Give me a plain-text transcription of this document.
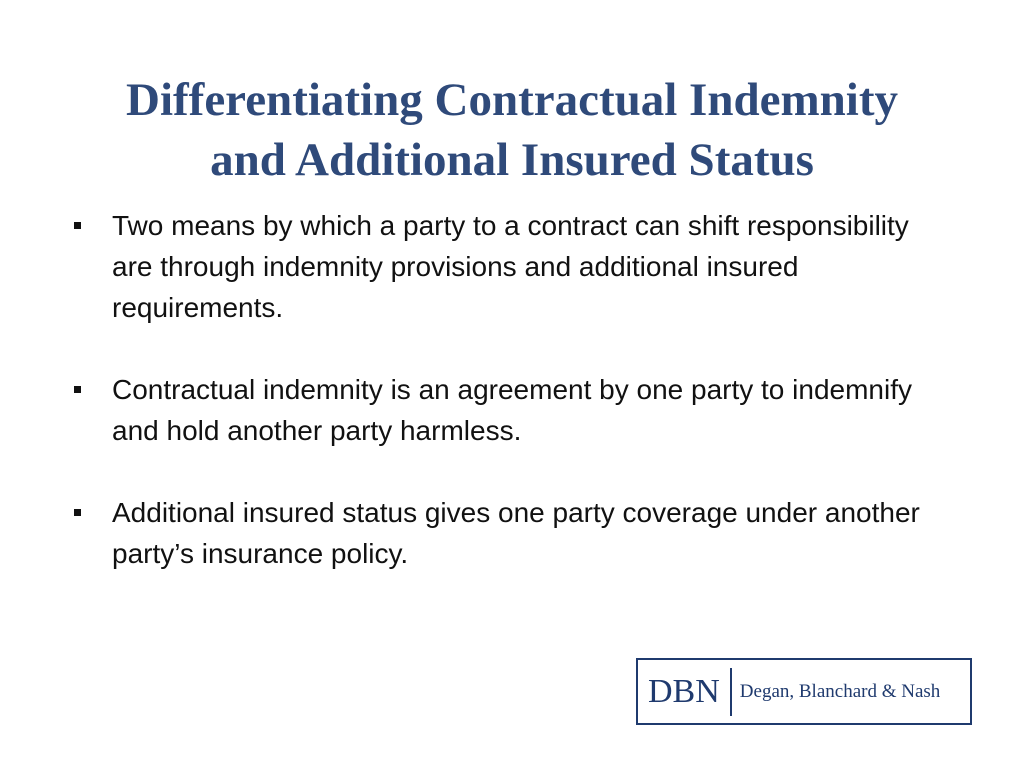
Differentiating Contractual Indemnity
and Additional Insured Status
Two means by which a party to a contract can shift responsibility are through indemnity provisions and additional insured requirements.
Contractual indemnity is an agreement by one party to indemnify and hold another party harmless.
Additional insured status gives one party coverage under another party’s insurance policy.
DBN	Degan, Blanchard & Nash
